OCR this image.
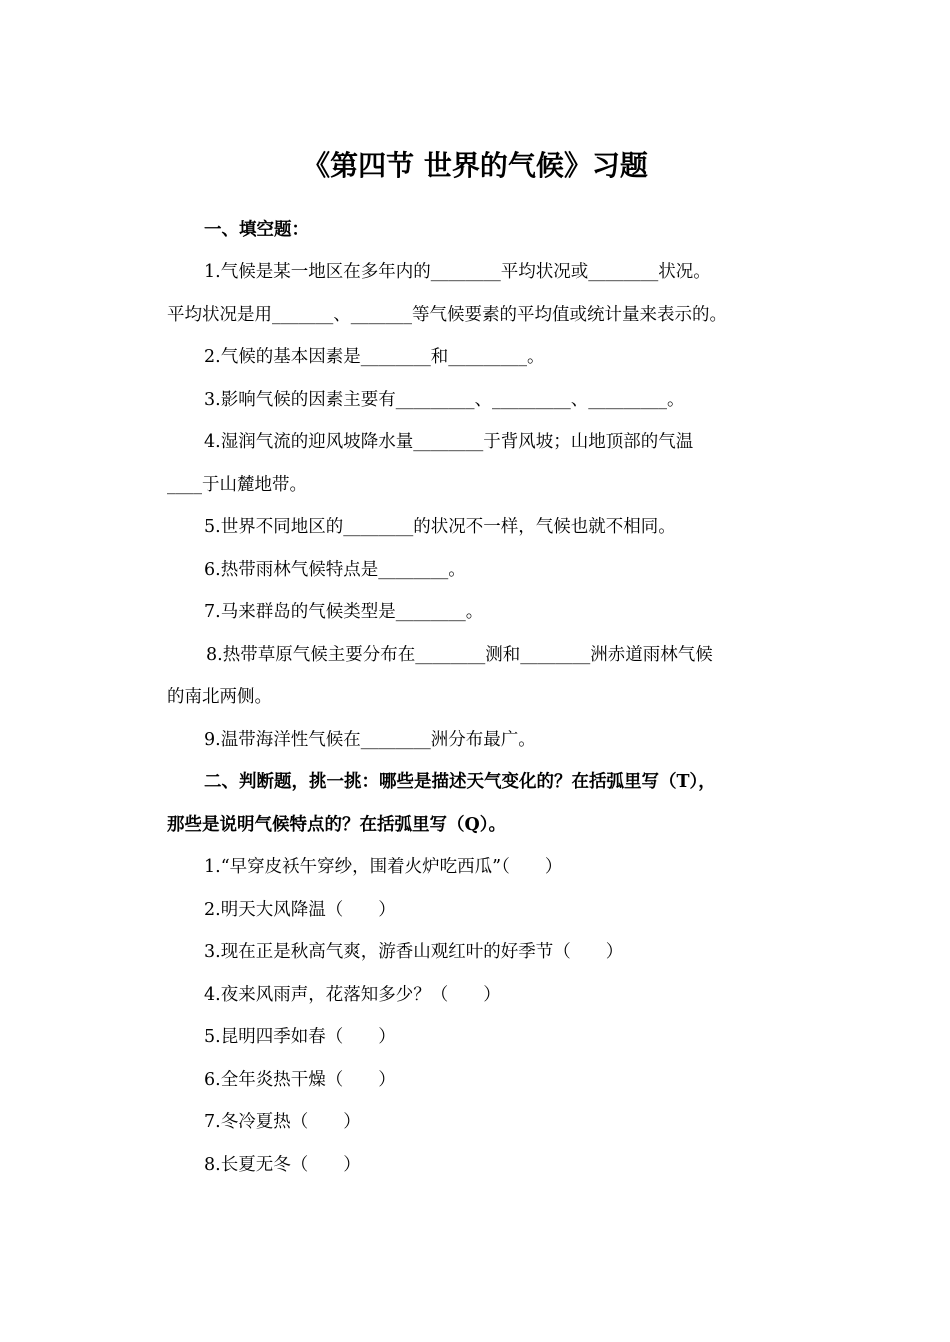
《第四节 世界的气候》习题
一、填空题：
1.气候是某一地区在多年内的________平均状况或________状况。
平均状况是用_______、_______等气候要素的平均值或统计量来表示的。
2.气候的基本因素是________和_________。
3.影响气候的因素主要有_________、_________、_________。
4.湿润气流的迎风坡降水量________于背风坡；山地顶部的气温
____于山麓地带。
5.世界不同地区的________的状况不一样，气候也就不相同。
6.热带雨林气候特点是________。
7.马来群岛的气候类型是________。
8.热带草原气候主要分布在________测和________洲赤道雨林气候
的南北两侧。
9.温带海洋性气候在________洲分布最广。
二、判断题，挑一挑：哪些是描述天气变化的？在括弧里写（T），
那些是说明气候特点的？在括弧里写（Q）。
1.“早穿皮袄午穿纱，围着火炉吃西瓜”（　　）
2.明天大风降温（　　）
3.现在正是秋高气爽，游香山观红叶的好季节（　　）
4.夜来风雨声，花落知多少？（　　）
5.昆明四季如春（　　）
6.全年炎热干燥（　　）
7.冬冷夏热（　　）
8.长夏无冬（　　）
